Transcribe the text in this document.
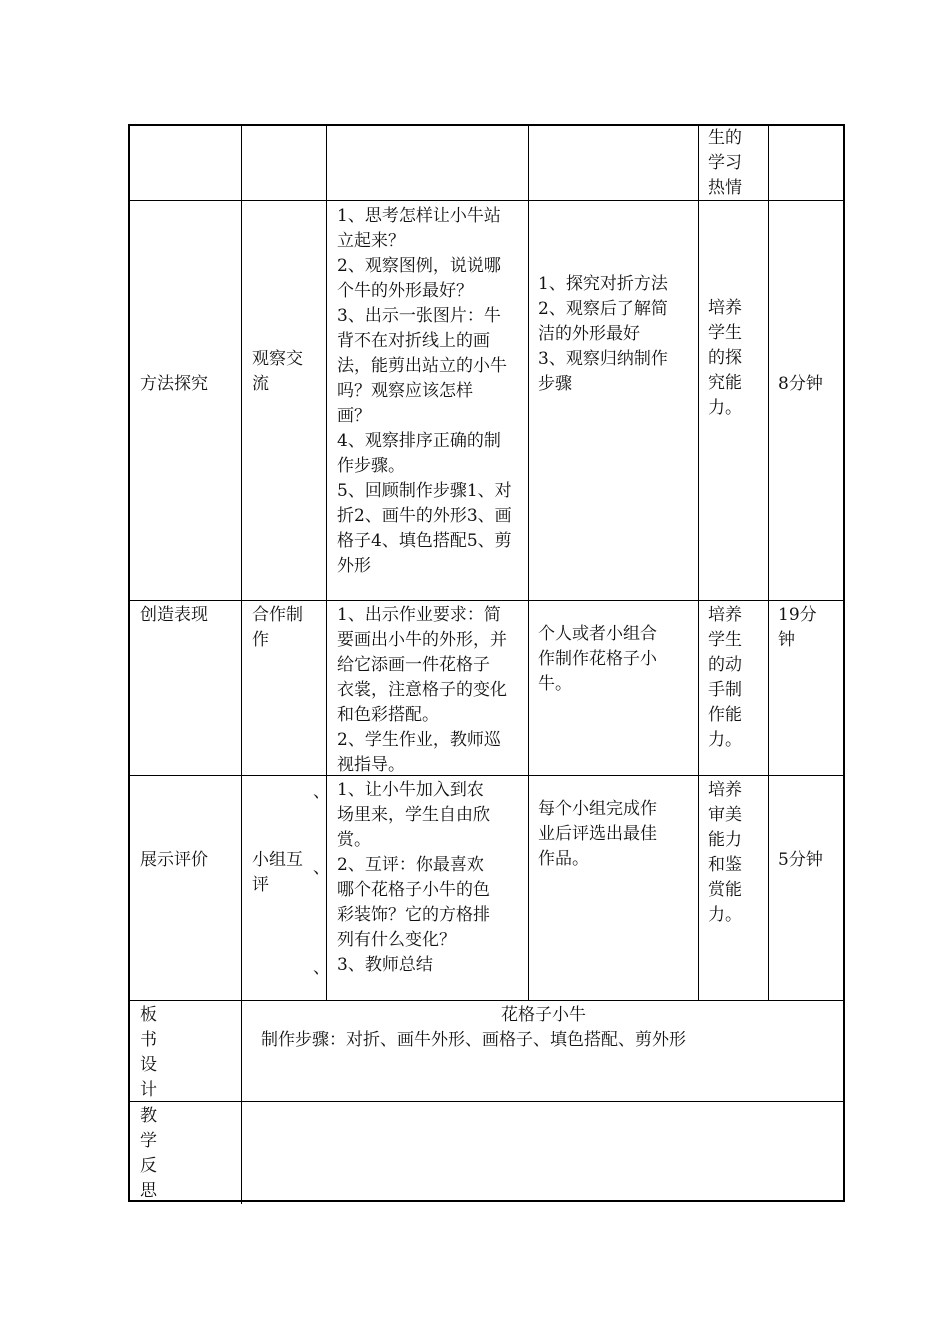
生的
学习
热情
方法探究
观察交
流
1、思考怎样让小牛站
立起来？
2、观察图例，说说哪
个牛的外形最好？
3、出示一张图片：牛
背不在对折线上的画
法，能剪出站立的小牛
吗？观察应该怎样
画？
4、观察排序正确的制
作步骤。
5、回顾制作步骤1、对
折2、画牛的外形3、画
格子4、填色搭配5、剪
外形
1、探究对折方法
2、观察后了解简
洁的外形最好
3、观察归纳制作
步骤
培养
学生
的探
究能
力。
8分钟
创造表现	合作制
作
1、出示作业要求：简
要画出小牛的外形，并
给它添画一件花格子
衣裳，注意格子的变化
和色彩搭配。
2、学生作业，教师巡
视指导。
个人或者小组合
作制作花格子小
牛。
培养
学生
的动
手制
作能
力。
19分
钟
展示评价	小组互
评
、
、
、
1、让小牛加入到农
场里来，学生自由欣
赏。
2、互评：你最喜欢
哪个花格子小牛的色
彩装饰？它的方格排
列有什么变化？
3、教师总结
每个小组完成作
业后评选出最佳
作品。
培养
审美
能力
和鉴
赏能
力。
5分钟
板
书
设
计
花格子小牛
制作步骤：对折、画牛外形、画格子、填色搭配、剪外形
教
学
反
思
